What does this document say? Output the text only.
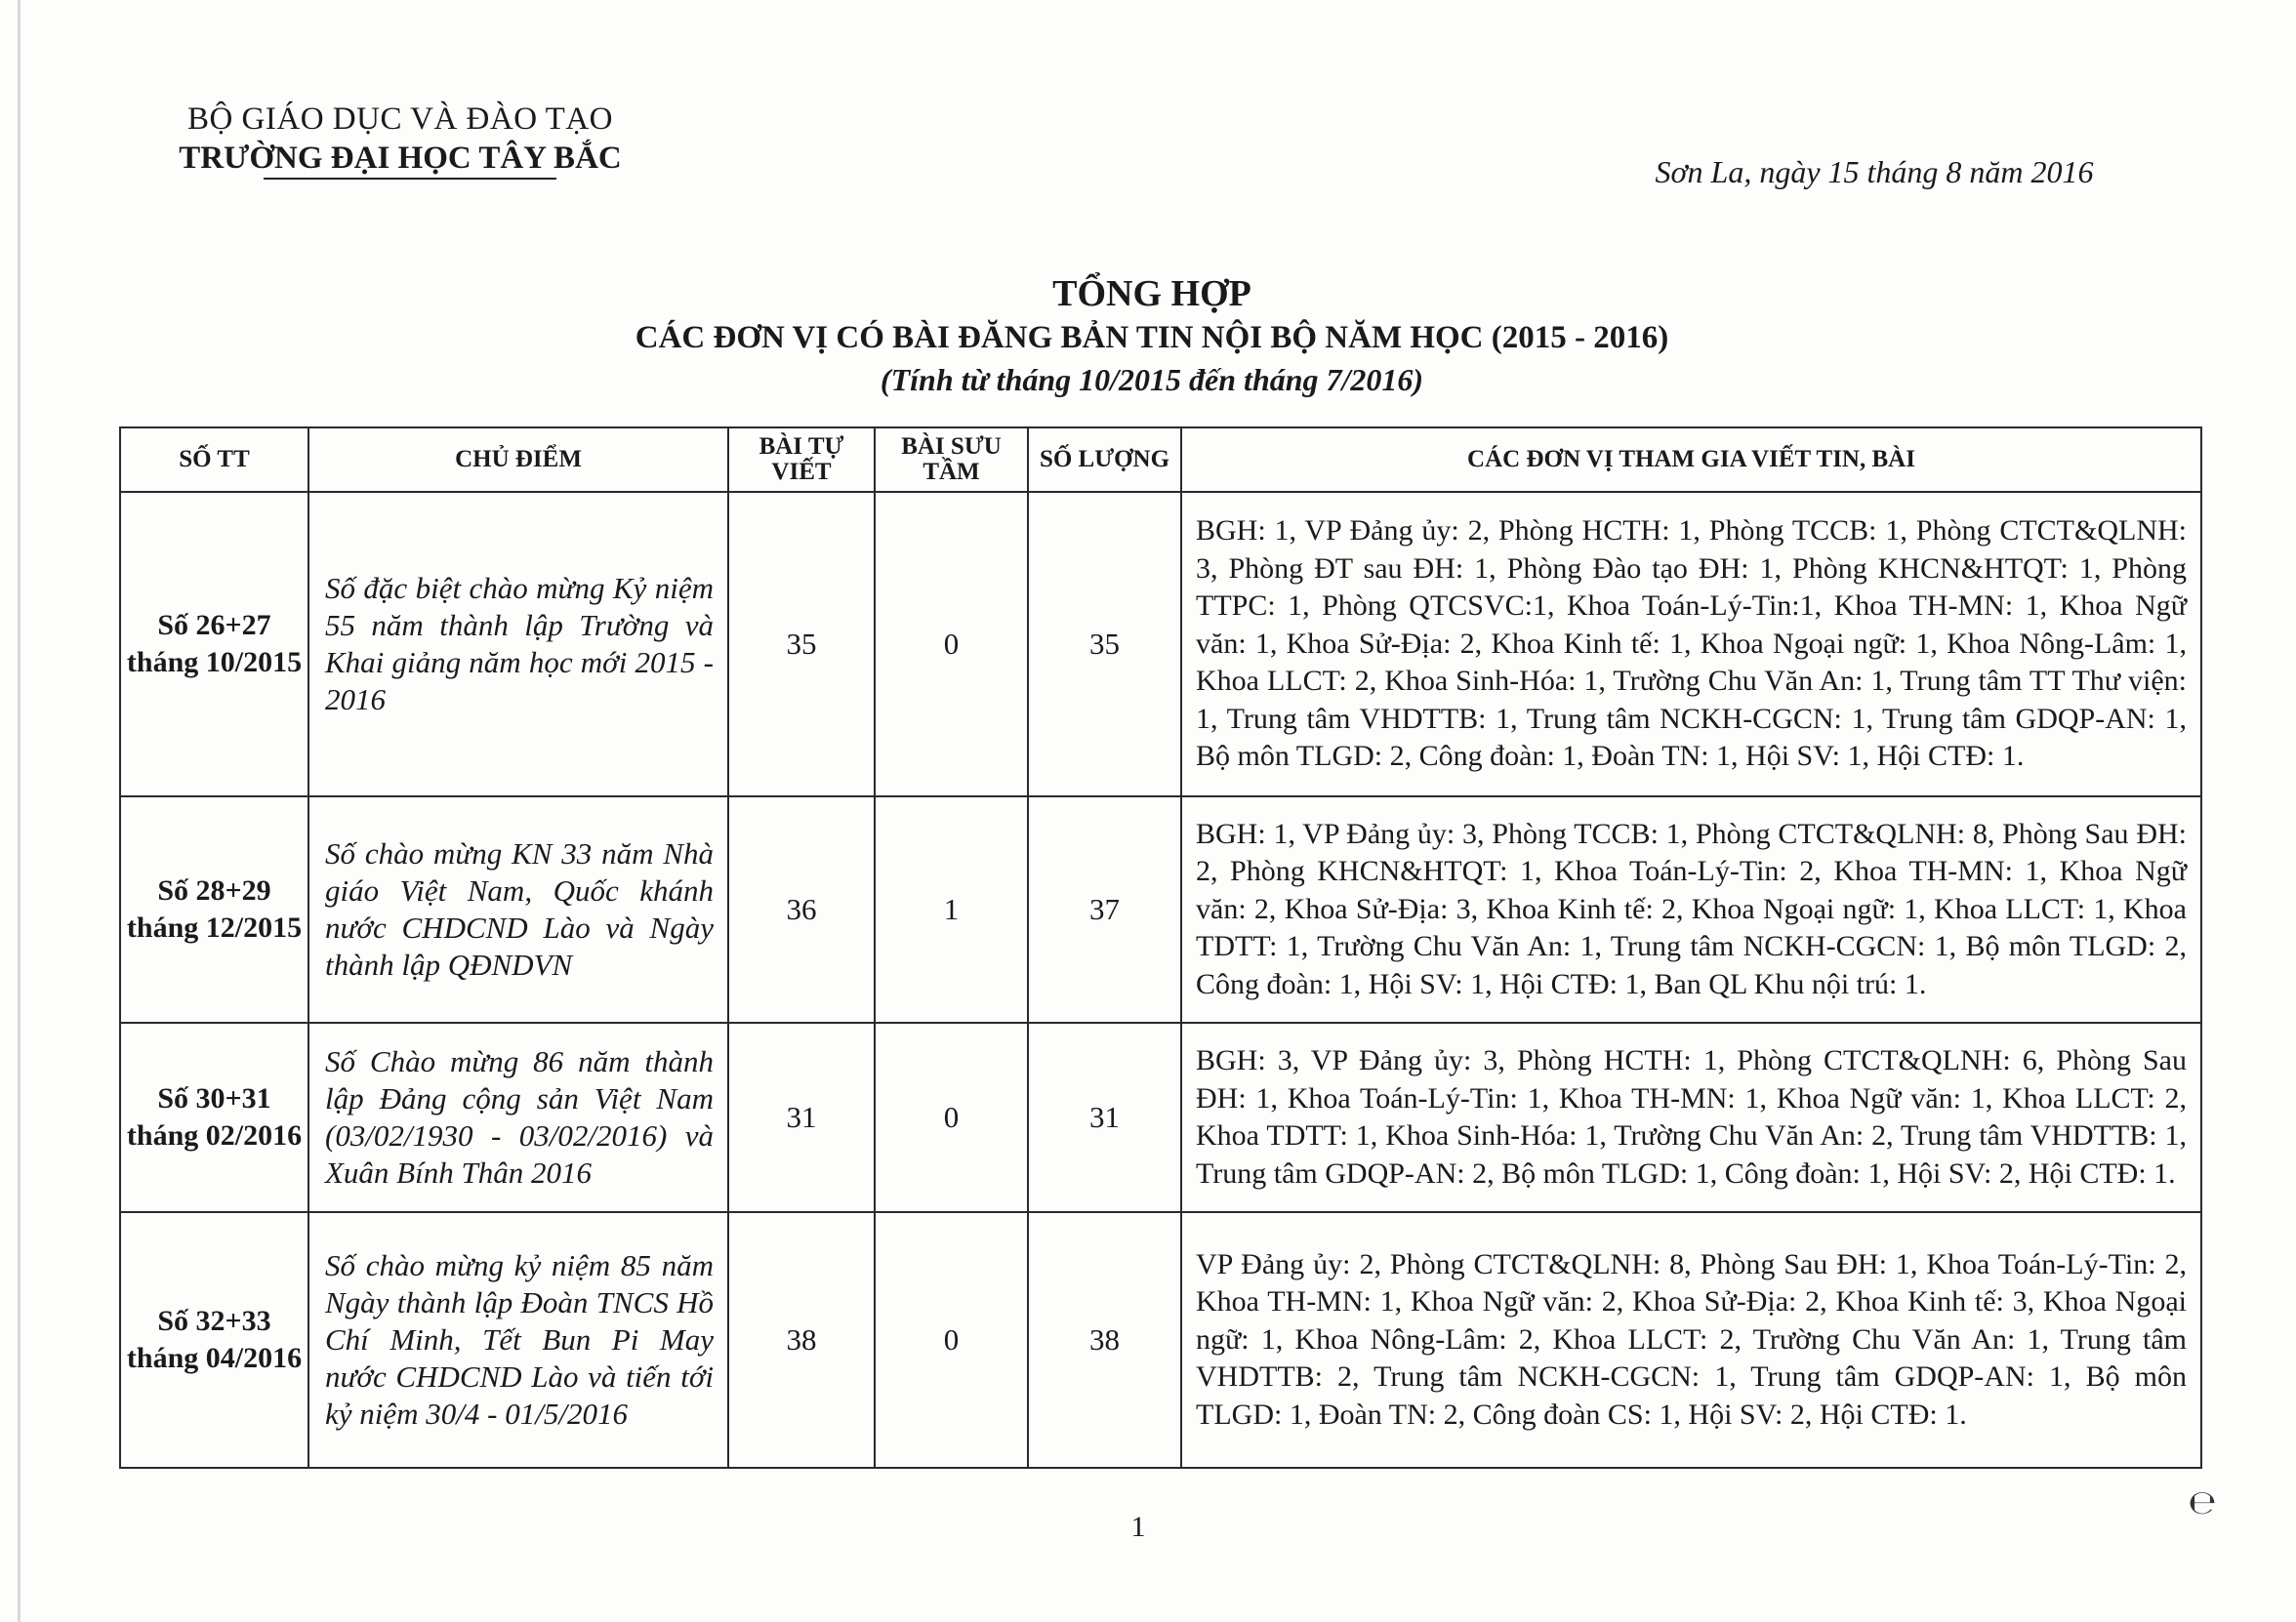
BỘ GIÁO DỤC VÀ ĐÀO TẠO
TRƯỜNG ĐẠI HỌC TÂY BẮC	Sơn La, ngày 15 tháng 8 năm 2016
TỔNG HỢP
CÁC ĐƠN VỊ CÓ BÀI ĐĂNG BẢN TIN NỘI BỘ NĂM HỌC (2015 - 2016)
(Tính từ tháng 10/2015 đến tháng 7/2016)
SỐ TT	CHỦ ĐIỂM	BÀI TỰ VIẾT	BÀI SƯU TẦM	SỐ LƯỢNG	CÁC ĐƠN VỊ THAM GIA VIẾT TIN, BÀI
Số 26+27 tháng 10/2015	Số đặc biệt chào mừng Kỷ niệm 55 năm thành lập Trường và Khai giảng năm học mới 2015 - 2016	35	0	35	BGH: 1, VP Đảng ủy: 2, Phòng HCTH: 1, Phòng TCCB: 1, Phòng CTCT&QLNH: 3, Phòng ĐT sau ĐH: 1, Phòng Đào tạo ĐH: 1, Phòng KHCN&HTQT: 1, Phòng TTPC: 1, Phòng QTCSVC:1, Khoa Toán-Lý-Tin:1, Khoa TH-MN: 1, Khoa Ngữ văn: 1, Khoa Sử-Địa: 2, Khoa Kinh tế: 1, Khoa Ngoại ngữ: 1, Khoa Nông-Lâm: 1, Khoa LLCT: 2, Khoa Sinh-Hóa: 1, Trường Chu Văn An: 1, Trung tâm TT Thư viện: 1, Trung tâm VHDTTB: 1, Trung tâm NCKH-CGCN: 1, Trung tâm GDQP-AN: 1, Bộ môn TLGD: 2, Công đoàn: 1, Đoàn TN: 1, Hội SV: 1, Hội CTĐ: 1.
Số 28+29 tháng 12/2015	Số chào mừng KN 33 năm Nhà giáo Việt Nam, Quốc khánh nước CHDCND Lào và Ngày thành lập QĐNDVN	36	1	37	BGH: 1, VP Đảng ủy: 3, Phòng TCCB: 1, Phòng CTCT&QLNH: 8, Phòng Sau ĐH: 2, Phòng KHCN&HTQT: 1, Khoa Toán-Lý-Tin: 2, Khoa TH-MN: 1, Khoa Ngữ văn: 2, Khoa Sử-Địa: 3, Khoa Kinh tế: 2, Khoa Ngoại ngữ: 1, Khoa LLCT: 1, Khoa TDTT: 1, Trường Chu Văn An: 1, Trung tâm NCKH-CGCN: 1, Bộ môn TLGD: 2, Công đoàn: 1, Hội SV: 1, Hội CTĐ: 1, Ban QL Khu nội trú: 1.
Số 30+31 tháng 02/2016	Số Chào mừng 86 năm thành lập Đảng cộng sản Việt Nam (03/02/1930 - 03/02/2016) và Xuân Bính Thân 2016	31	0	31	BGH: 3, VP Đảng ủy: 3, Phòng HCTH: 1, Phòng CTCT&QLNH: 6, Phòng Sau ĐH: 1, Khoa Toán-Lý-Tin: 1, Khoa TH-MN: 1, Khoa Ngữ văn: 1, Khoa LLCT: 2, Khoa TDTT: 1, Khoa Sinh-Hóa: 1, Trường Chu Văn An: 2, Trung tâm VHDTTB: 1, Trung tâm GDQP-AN: 2, Bộ môn TLGD: 1, Công đoàn: 1, Hội SV: 2, Hội CTĐ: 1.
Số 32+33 tháng 04/2016	Số chào mừng kỷ niệm 85 năm Ngày thành lập Đoàn TNCS Hồ Chí Minh, Tết Bun Pi May nước CHDCND Lào và tiến tới kỷ niệm 30/4 - 01/5/2016	38	0	38	VP Đảng ủy: 2, Phòng CTCT&QLNH: 8, Phòng Sau ĐH: 1, Khoa Toán-Lý-Tin: 2, Khoa TH-MN: 1, Khoa Ngữ văn: 2, Khoa Sử-Địa: 2, Khoa Kinh tế: 3, Khoa Ngoại ngữ: 1, Khoa Nông-Lâm: 2, Khoa LLCT: 2, Trường Chu Văn An: 1, Trung tâm VHDTTB: 2, Trung tâm NCKH-CGCN: 1, Trung tâm GDQP-AN: 1, Bộ môn TLGD: 1, Đoàn TN: 2, Công đoàn CS: 1, Hội SV: 2, Hội CTĐ: 1.
1
℮
